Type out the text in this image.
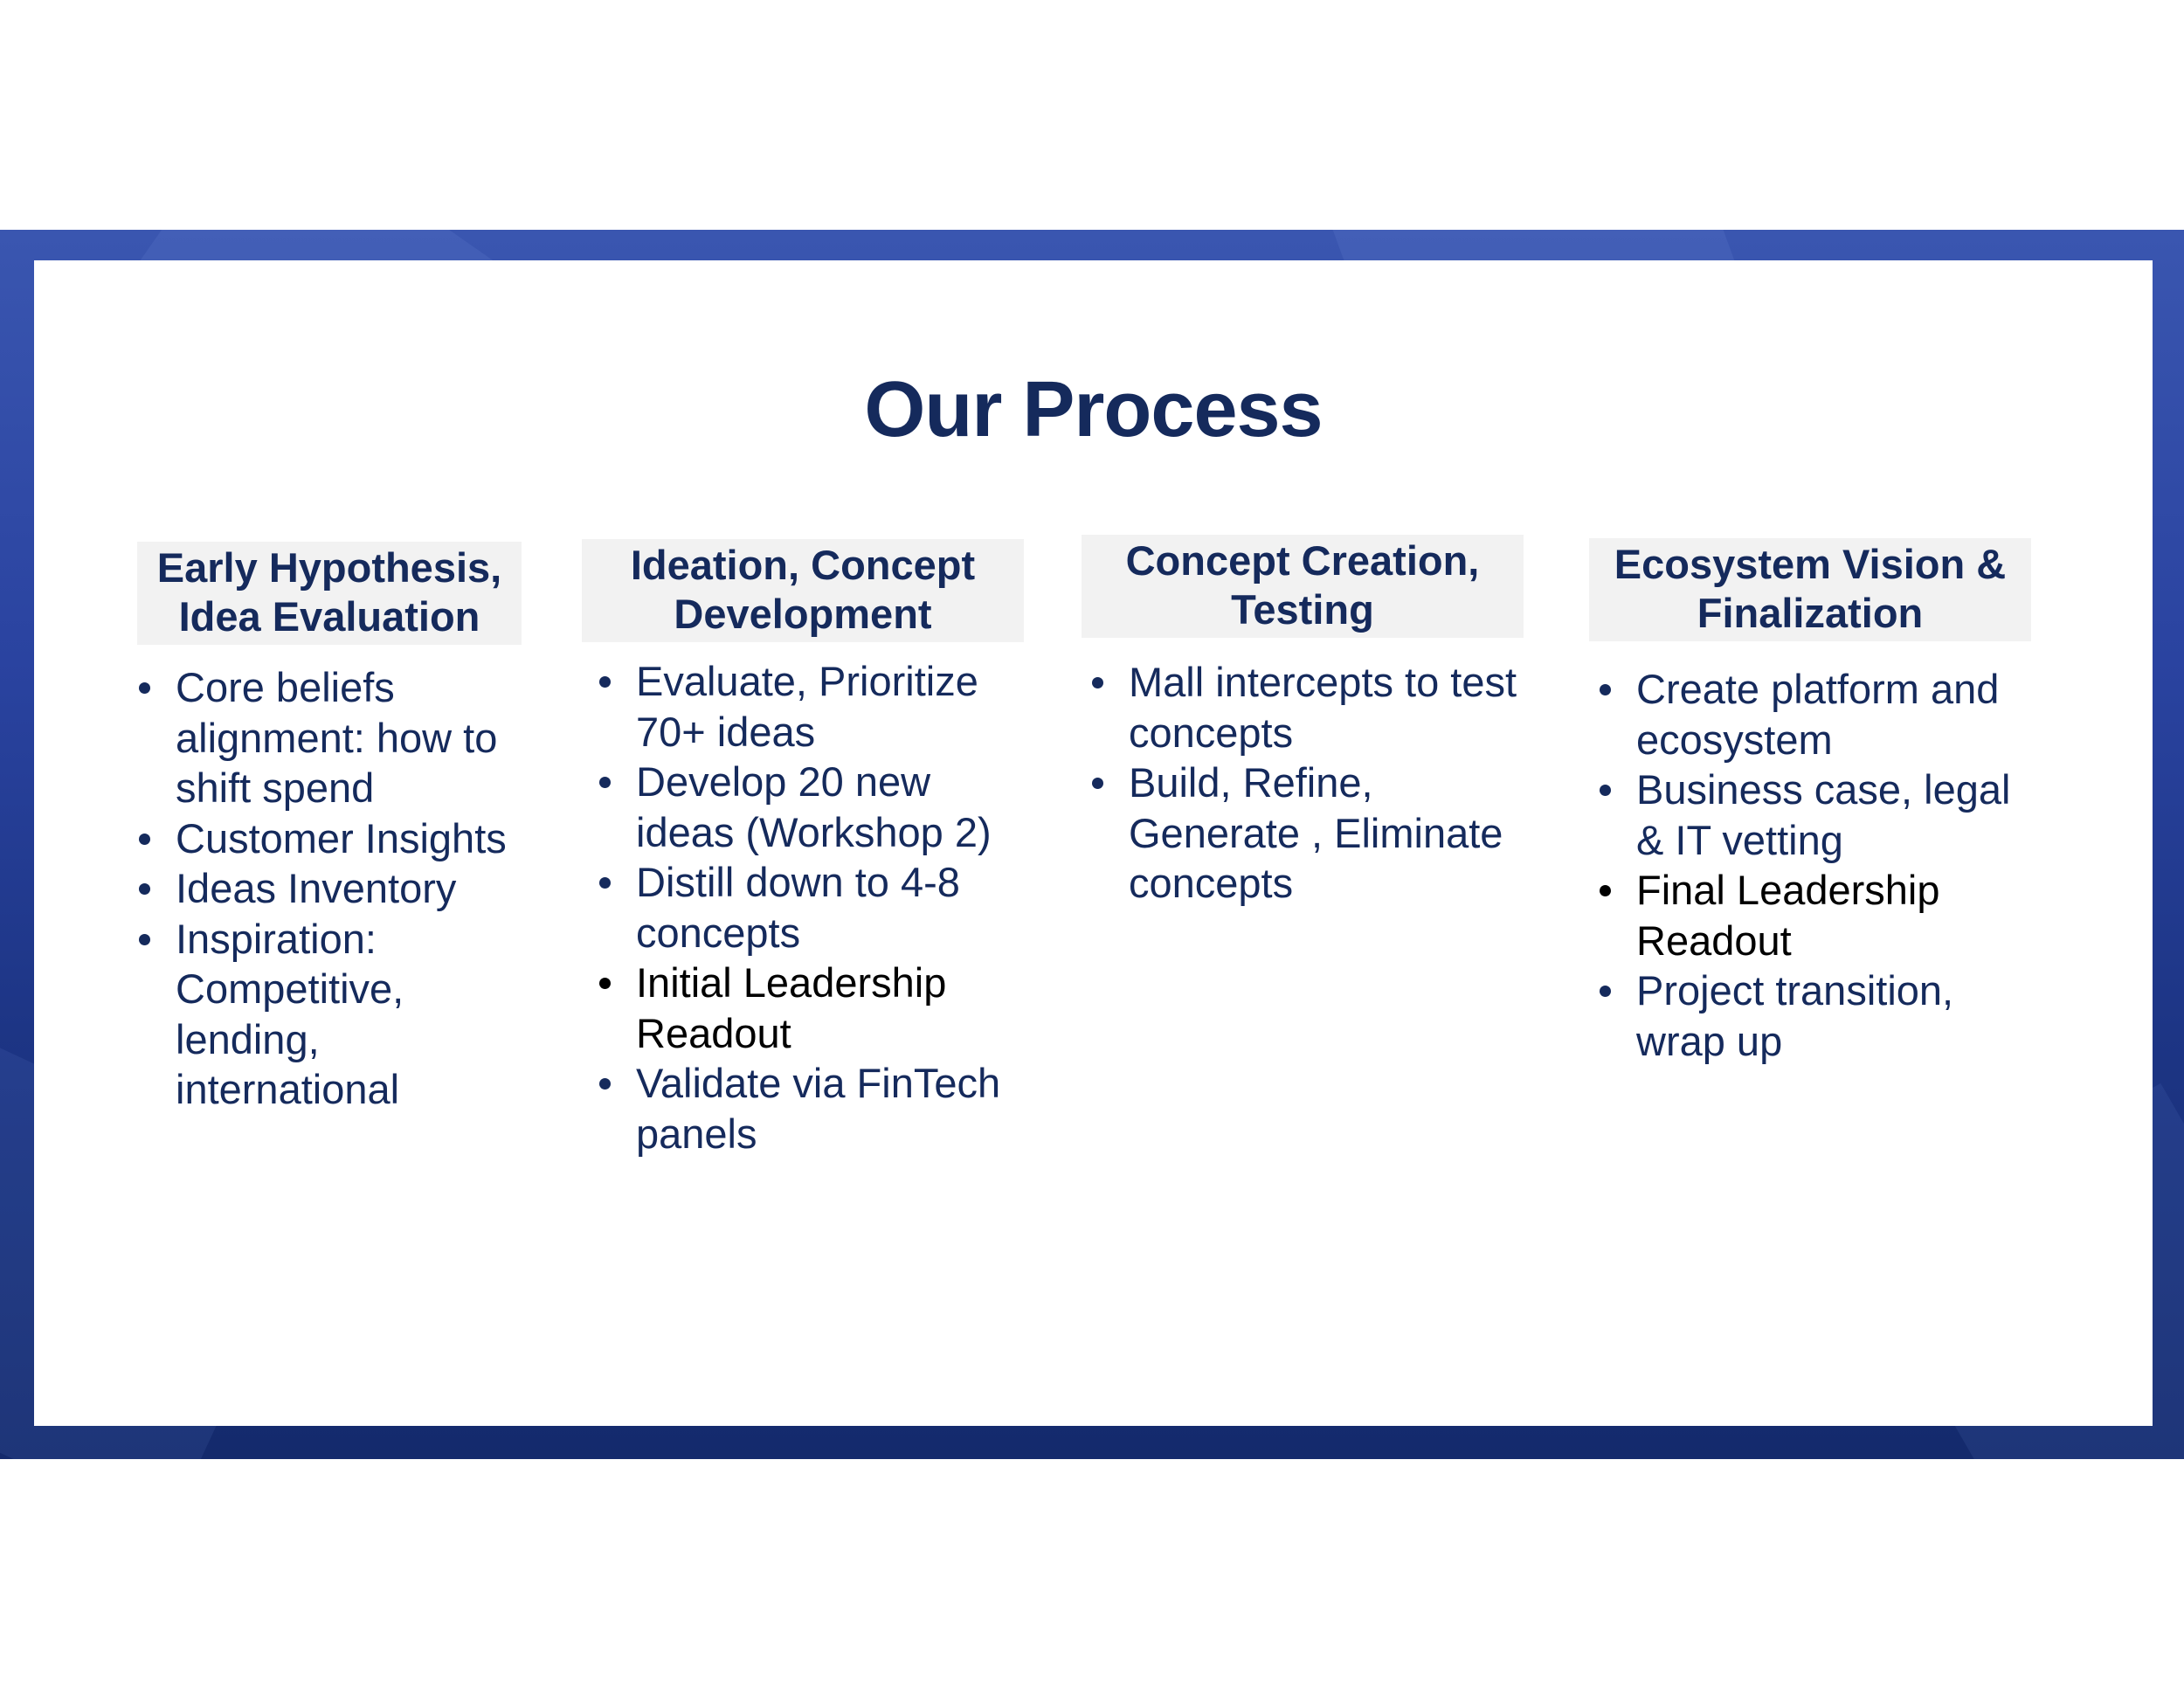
Our Process
Early Hypothesis, Idea Evaluation
Core beliefs alignment: how to shift spend
Customer Insights
Ideas Inventory
Inspiration: Competitive, lending, international
Ideation, Concept Development
Evaluate, Prioritize 70+ ideas
Develop 20 new ideas (Workshop 2)
Distill down to 4-8 concepts
Initial Leadership Readout
Validate via FinTech panels
Concept Creation, Testing
Mall intercepts to test concepts
Build, Refine, Generate , Eliminate concepts
Ecosystem Vision & Finalization
Create platform and ecosystem
Business case, legal & IT vetting
Final Leadership Readout
Project transition, wrap up
